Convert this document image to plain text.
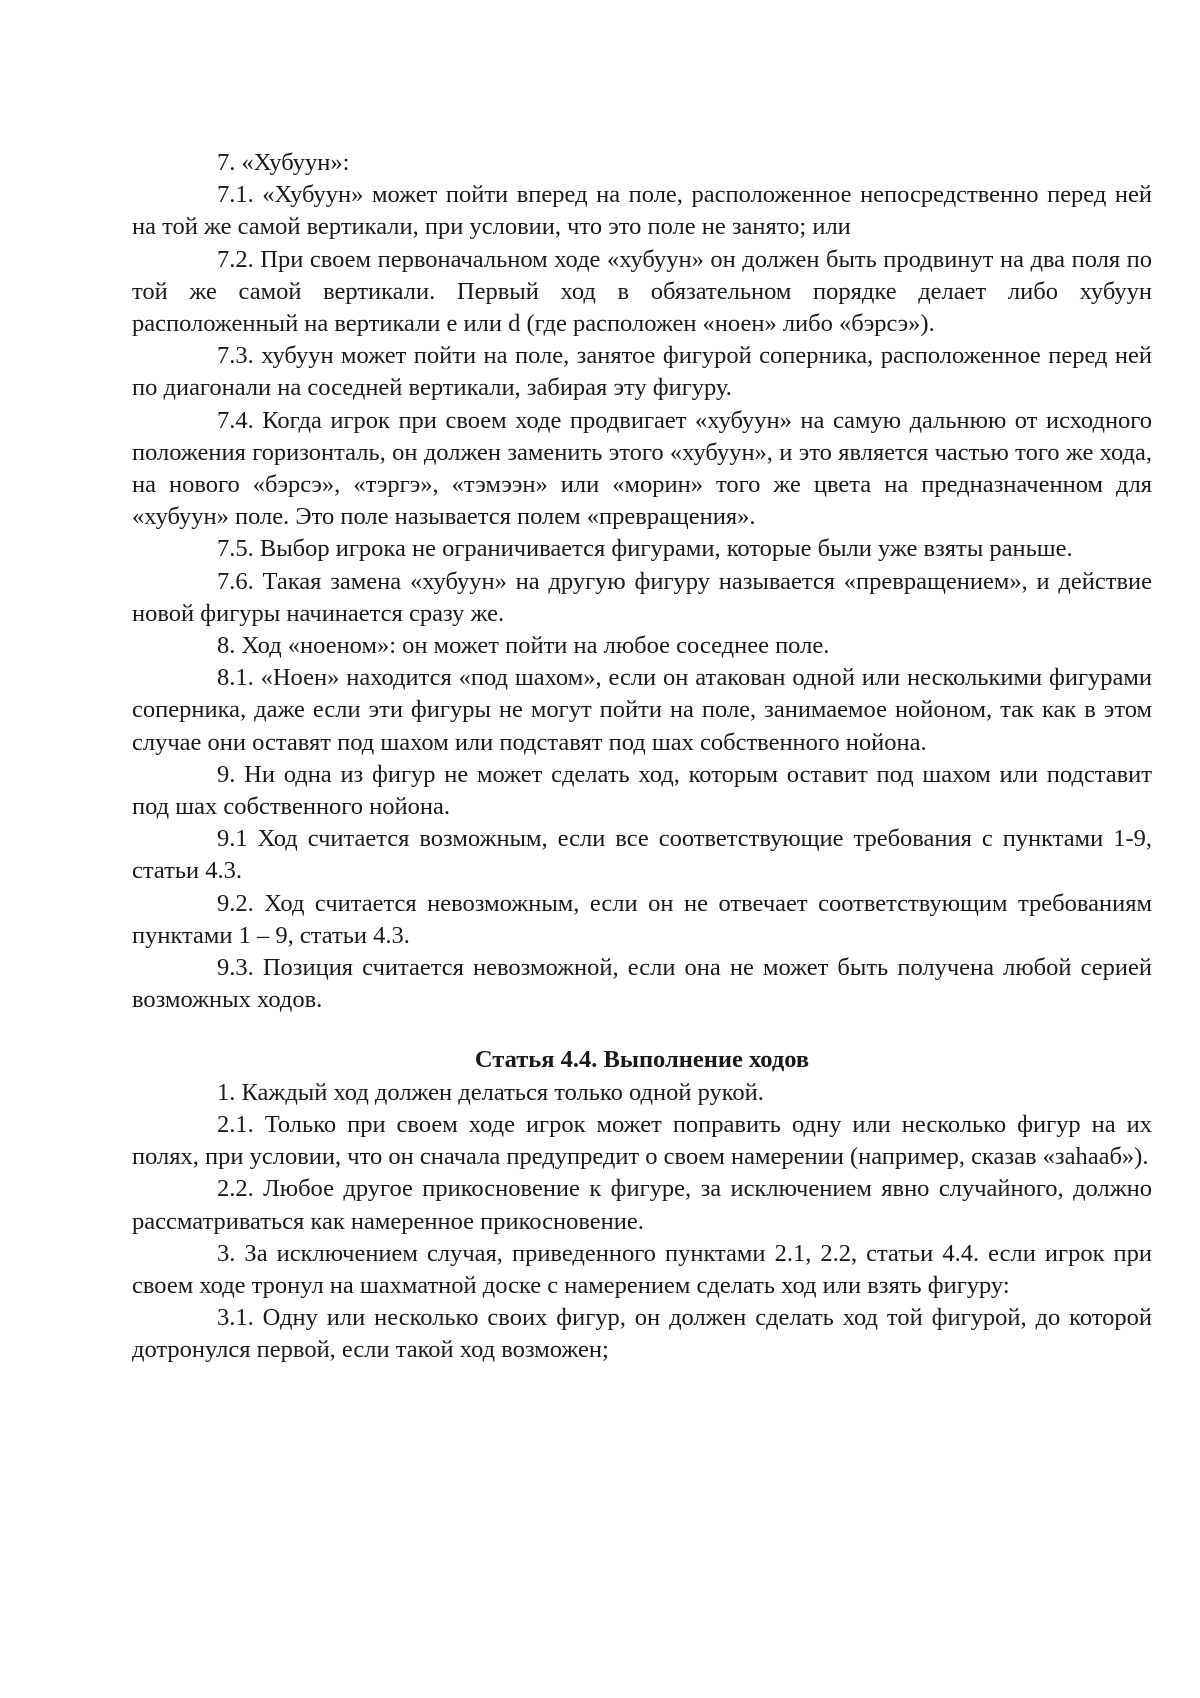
7. «Хубуун»:

7.1. «Хубуун» может пойти вперед на поле, расположенное непосредственно перед ней на той же самой вертикали, при условии, что это поле не занято; или

7.2. При своем первоначальном ходе «хубуун» он должен быть продвинут на два поля по той же самой вертикали. Первый ход в обязательном порядке делает либо хубуун расположенный на вертикали e или d (где расположен «ноен» либо «бэрсэ»).

7.3. хубуун может пойти на поле, занятое фигурой соперника, расположенное перед ней по диагонали на соседней вертикали, забирая эту фигуру.

7.4. Когда игрок при своем ходе продвигает «хубуун» на самую дальнюю от исходного положения горизонталь, он должен заменить этого «хубуун», и это является частью того же хода, на нового «бэрсэ», «тэргэ», «тэмээн» или «морин» того же цвета на предназначенном для «хубуун» поле. Это поле называется полем «превращения».

7.5. Выбор игрока не ограничивается фигурами, которые были уже взяты раньше.

7.6. Такая замена «хубуун» на другую фигуру называется «превращением», и действие новой фигуры начинается сразу же.

8. Ход «ноеном»: он может пойти на любое соседнее поле.

8.1. «Ноен» находится «под шахом», если он атакован одной или несколькими фигурами соперника, даже если эти фигуры не могут пойти на поле, занимаемое нойоном, так как в этом случае они оставят под шахом или подставят под шах собственного нойона.

9. Ни одна из фигур не может сделать ход, которым оставит под шахом или подставит под шах собственного нойона.

9.1 Ход считается возможным, если все соответствующие требования с пунктами 1-9, статьи 4.3.

9.2. Ход считается невозможным, если он не отвечает соответствующим требованиям пунктами 1 – 9, статьи 4.3.

9.3. Позиция считается невозможной, если она не может быть получена любой серией возможных ходов.

Статья 4.4. Выполнение ходов

1. Каждый ход должен делаться только одной рукой.

2.1. Только при своем ходе игрок может поправить одну или несколько фигур на их полях, при условии, что он сначала предупредит о своем намерении (например, сказав «заhааб»).

2.2. Любое другое прикосновение к фигуре, за исключением явно случайного, должно рассматриваться как намеренное прикосновение.

3. За исключением случая, приведенного пунктами 2.1, 2.2, статьи 4.4. если игрок при своем ходе тронул на шахматной доске с намерением сделать ход или взять фигуру:

3.1. Одну или несколько своих фигур, он должен сделать ход той фигурой, до которой дотронулся первой, если такой ход возможен;
